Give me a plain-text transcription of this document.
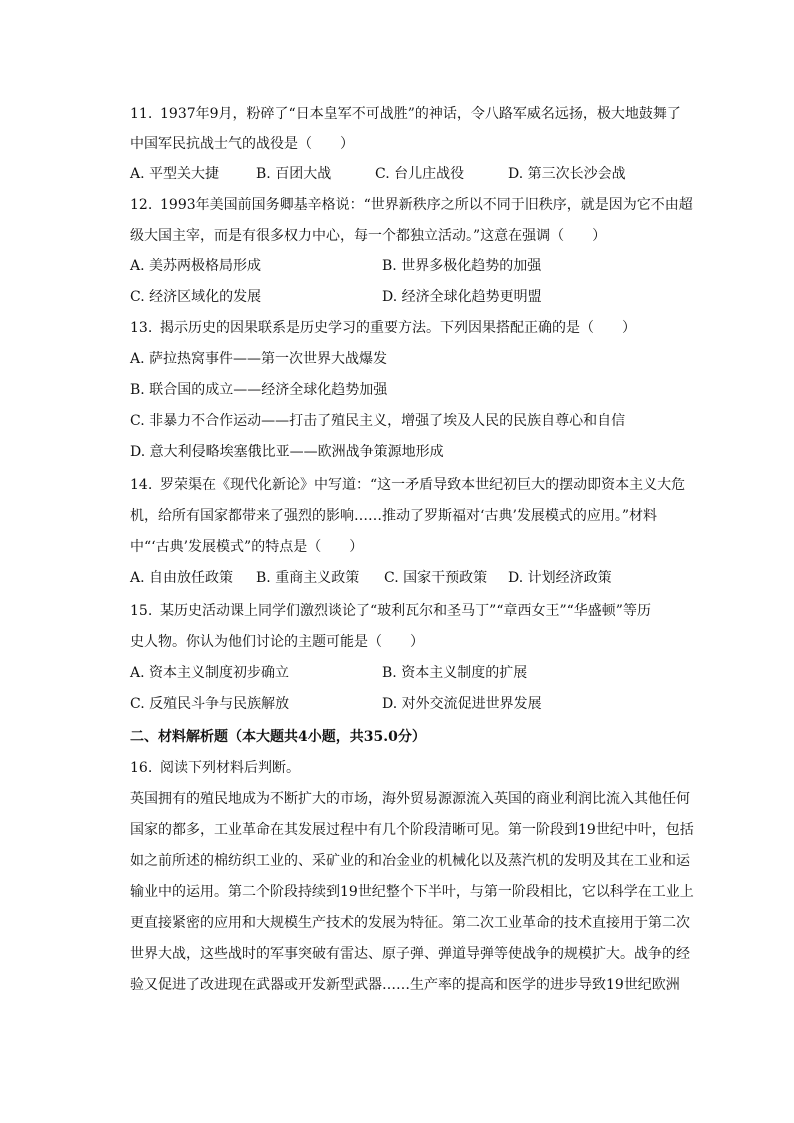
11. 1937年9月，粉碎了“日本皇军不可战胜”的神话，令八路军威名远扬，极大地鼓舞了
中国军民抗战士气的战役是（　　）
A. 平型关大捷	B. 百团大战	C. 台儿庄战役	D. 第三次长沙会战
12. 1993年美国前国务卿基辛格说：“世界新秩序之所以不同于旧秩序，就是因为它不由超
级大国主宰，而是有很多权力中心，每一个都独立活动。”这意在强调（　　）
A. 美苏两极格局形成	B. 世界多极化趋势的加强
C. 经济区域化的发展	D. 经济全球化趋势更明盟
13. 揭示历史的因果联系是历史学习的重要方法。下列因果搭配正确的是（　　）
A. 萨拉热窝事件——第一次世界大战爆发
B. 联合国的成立——经济全球化趋势加强
C. 非暴力不合作运动——打击了殖民主义，增强了埃及人民的民族自尊心和自信
D. 意大利侵略埃塞俄比亚——欧洲战争策源地形成
14. 罗荣渠在《现代化新论》中写道：“这一矛盾导致本世纪初巨大的摆动即资本主义大危
机，给所有国家都带来了强烈的影响……推动了罗斯福对‘古典’发展模式的应用。”材料
中“‘古典’发展模式”的特点是（　　）
A. 自由放任政策 B. 重商主义政策 C. 国家干预政策 D. 计划经济政策
15. 某历史活动课上同学们激烈谈论了“玻利瓦尔和圣马丁”“章西女王”“华盛顿”等历
史人物。你认为他们讨论的主题可能是（　　）
A. 资本主义制度初步确立	B. 资本主义制度的扩展
C. 反殖民斗争与民族解放	D. 对外交流促进世界发展
二、材料解析题（本大题共4小题，共35.0分）
16. 阅读下列材料后判断。
英国拥有的殖民地成为不断扩大的市场，海外贸易源源流入英国的商业利润比流入其他任何
国家的都多，工业革命在其发展过程中有几个阶段清晰可见。第一阶段到19世纪中叶，包括
如之前所述的棉纺织工业的、采矿业的和冶金业的机械化以及蒸汽机的发明及其在工业和运
输业中的运用。第二个阶段持续到19世纪整个下半叶，与第一阶段相比，它以科学在工业上
更直接紧密的应用和大规模生产技术的发展为特征。第二次工业革命的技术直接用于第二次
世界大战，这些战时的军事突破有雷达、原子弹、弹道导弹等使战争的规模扩大。战争的经
验又促进了改进现在武器或开发新型武器……生产率的提高和医学的进步导致19世纪欧洲
